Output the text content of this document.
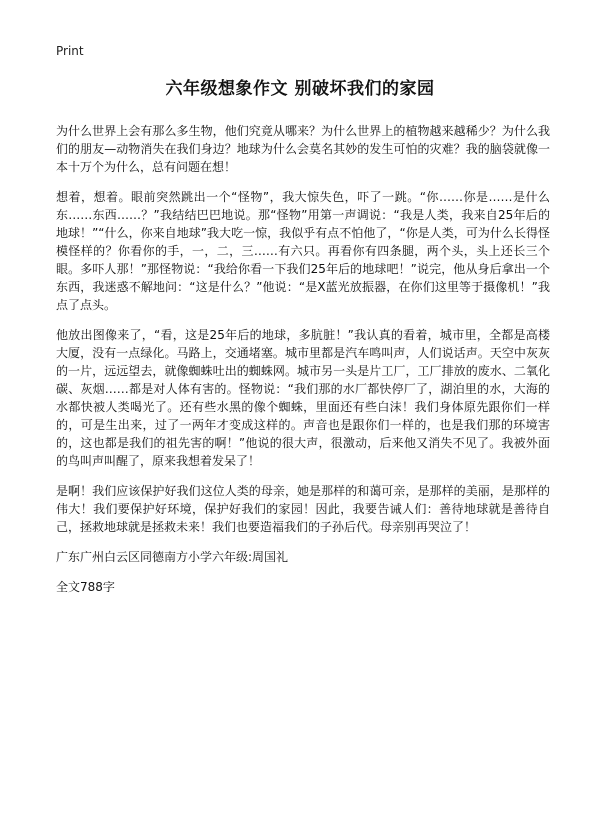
Print
六年级想象作文 别破坏我们的家园

为什么世界上会有那么多生物，他们究竟从哪来？为什么世界上的植物越来越稀少？为什么我们的朋友—动物消失在我们身边？地球为什么会莫名其妙的发生可怕的灾难？我的脑袋就像一本十万个为什么，总有问题在想！

想着，想着。眼前突然跳出一个“怪物”，我大惊失色，吓了一跳。“你……你是……是什么东……东西……？”我结结巴巴地说。那“怪物”用第一声调说：“我是人类，我来自25年后的地球！”“什么，你来自地球”我大吃一惊，我似乎有点不怕他了，“你是人类，可为什么长得怪模怪样的？你看你的手，一，二，三……有六只。再看你有四条腿，两个头，头上还长三个眼。多吓人那！”那怪物说：“我给你看一下我们25年后的地球吧！”说完，他从身后拿出一个东西，我迷惑不解地问：“这是什么？”他说：“是X蓝光放振器，在你们这里等于摄像机！”我点了点头。

他放出图像来了，“看，这是25年后的地球，多肮脏！”我认真的看着，城市里，全都是高楼大厦，没有一点绿化。马路上，交通堵塞。城市里都是汽车鸣叫声，人们说话声。天空中灰灰的一片，远远望去，就像蜘蛛吐出的蜘蛛网。城市另一头是片工厂，工厂排放的废水、二氧化碳、灰烟……都是对人体有害的。怪物说：“我们那的水厂都快停厂了，湖泊里的水，大海的水都快被人类喝光了。还有些水黑的像个蜘蛛，里面还有些白沫！我们身体原先跟你们一样的，可是生出来，过了一两年才变成这样的。声音也是跟你们一样的，也是我们那的环境害的，这也都是我们的祖先害的啊！”他说的很大声，很激动，后来他又消失不见了。我被外面的鸟叫声叫醒了，原来我想着发呆了！

是啊！我们应该保护好我们这位人类的母亲，她是那样的和蔼可亲，是那样的美丽，是那样的伟大！我们要保护好环境，保护好我们的家园！因此，我要告诫人们：善待地球就是善待自己，拯救地球就是拯救未来！我们也要造福我们的子孙后代。母亲别再哭泣了！

广东广州白云区同德南方小学六年级:周国礼

全文788字
